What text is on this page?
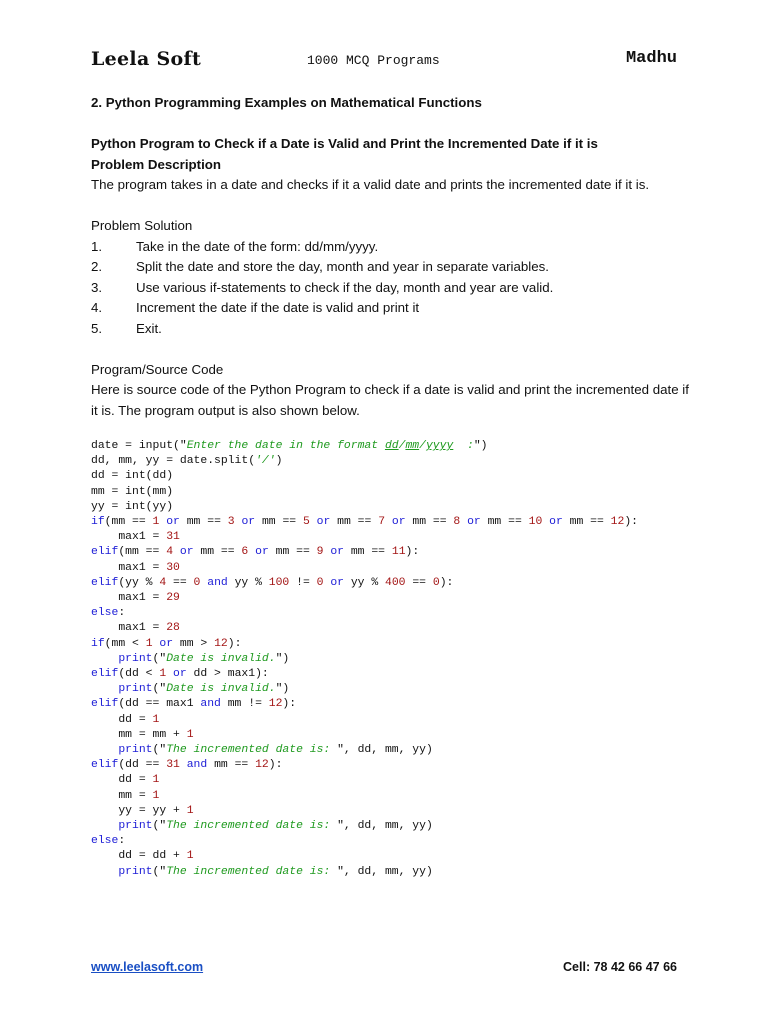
Leela Soft	1000 MCQ Programs	Madhu

2. Python Programming Examples on Mathematical Functions

Python Program to Check if a Date is Valid and Print the Incremented Date if it is

Problem Description

The program takes in a date and checks if it a valid date and prints the incremented date if it is.

Problem Solution

1.	Take in the date of the form: dd/mm/yyyy.
2.	Split the date and store the day, month and year in separate variables.
3.	Use various if-statements to check if the day, month and year are valid.
4.	Increment the date if the date is valid and print it
5.	Exit.

Program/Source Code

Here is source code of the Python Program to check if a date is valid and print the incremented date if it is. The program output is also shown below.

date = input("Enter the date in the format dd/mm/yyyy  :")
dd, mm, yy = date.split('/')
dd = int(dd)
mm = int(mm)
yy = int(yy)
if(mm == 1 or mm == 3 or mm == 5 or mm == 7 or mm == 8 or mm == 10 or mm == 12):
max1 = 31
elif(mm == 4 or mm == 6 or mm == 9 or mm == 11):
max1 = 30
elif(yy % 4 == 0 and yy % 100 != 0 or yy % 400 == 0):
max1 = 29
else:
max1 = 28
if(mm < 1 or mm > 12):
print("Date is invalid.")
elif(dd < 1 or dd > max1):
print("Date is invalid.")
elif(dd == max1 and mm != 12):
dd = 1
mm = mm + 1
print("The incremented date is: ", dd, mm, yy)
elif(dd == 31 and mm == 12):
dd = 1
mm = 1
yy = yy + 1
print("The incremented date is: ", dd, mm, yy)
else:
dd = dd + 1
print("The incremented date is: ", dd, mm, yy)
www.leelasoft.com	Cell: 78 42 66 47 66
